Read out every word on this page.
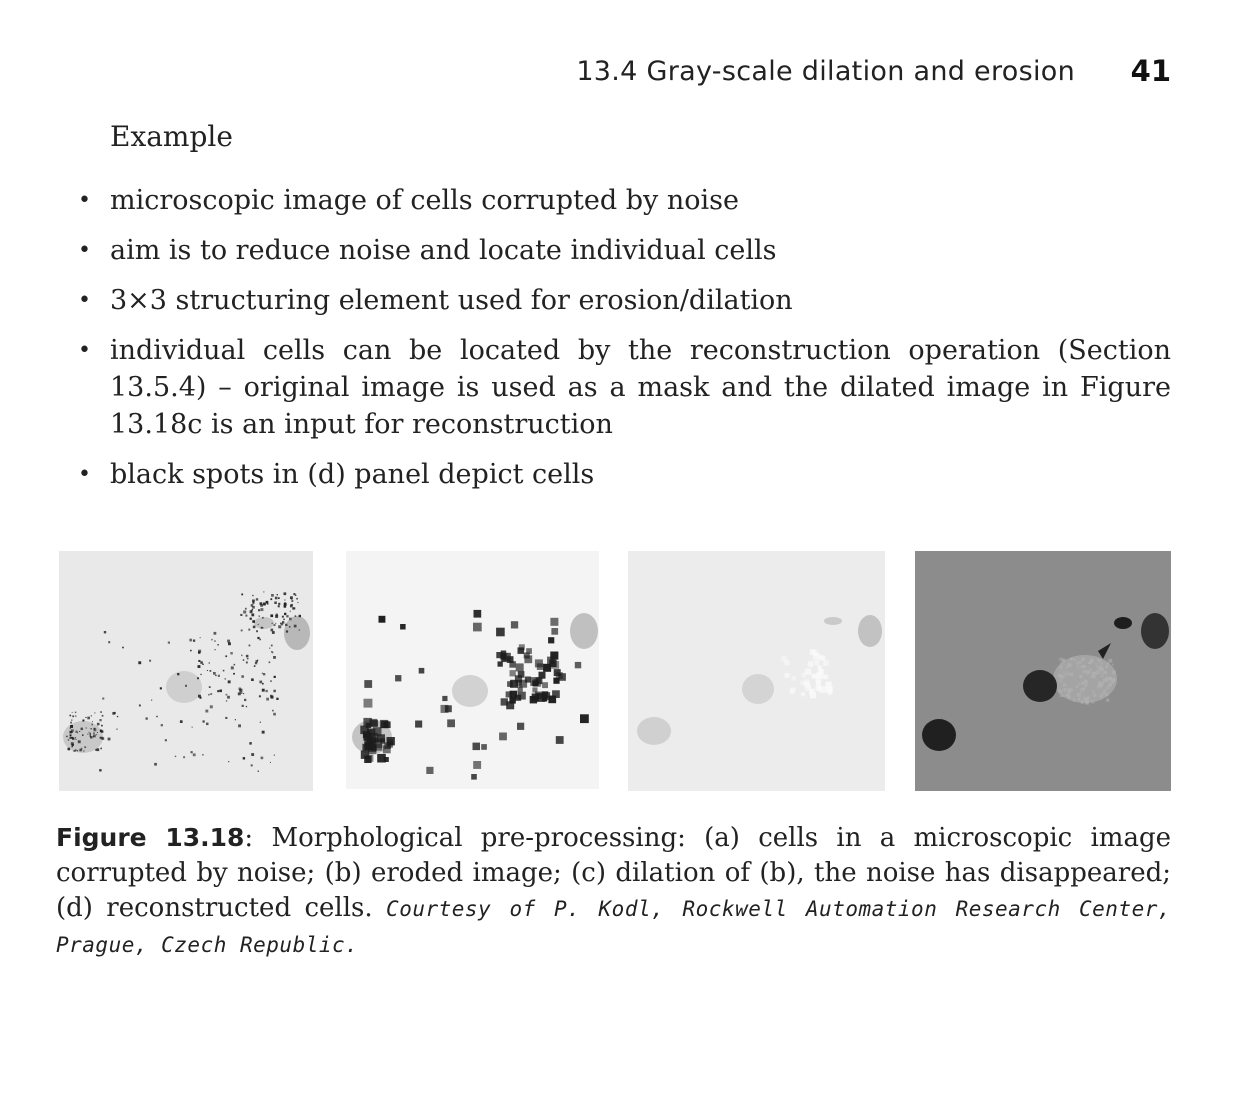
13.4 Gray-scale dilation and erosion 41
Example
• microscopic image of cells corrupted by noise
• aim is to reduce noise and locate individual cells
• 3×3 structuring element used for erosion/dilation
• individual cells can be located by the reconstruction operation (Section 13.5.4) – original image is used as a mask and the dilated image in Figure 13.18c is an input for reconstruction
• black spots in (d) panel depict cells
Figure 13.18: Morphological pre-processing: (a) cells in a microscopic image corrupted by noise; (b) eroded image; (c) dilation of (b), the noise has disappeared; (d) reconstructed cells. Courtesy of P. Kodl, Rockwell Automation Research Center, Prague, Czech Republic.
